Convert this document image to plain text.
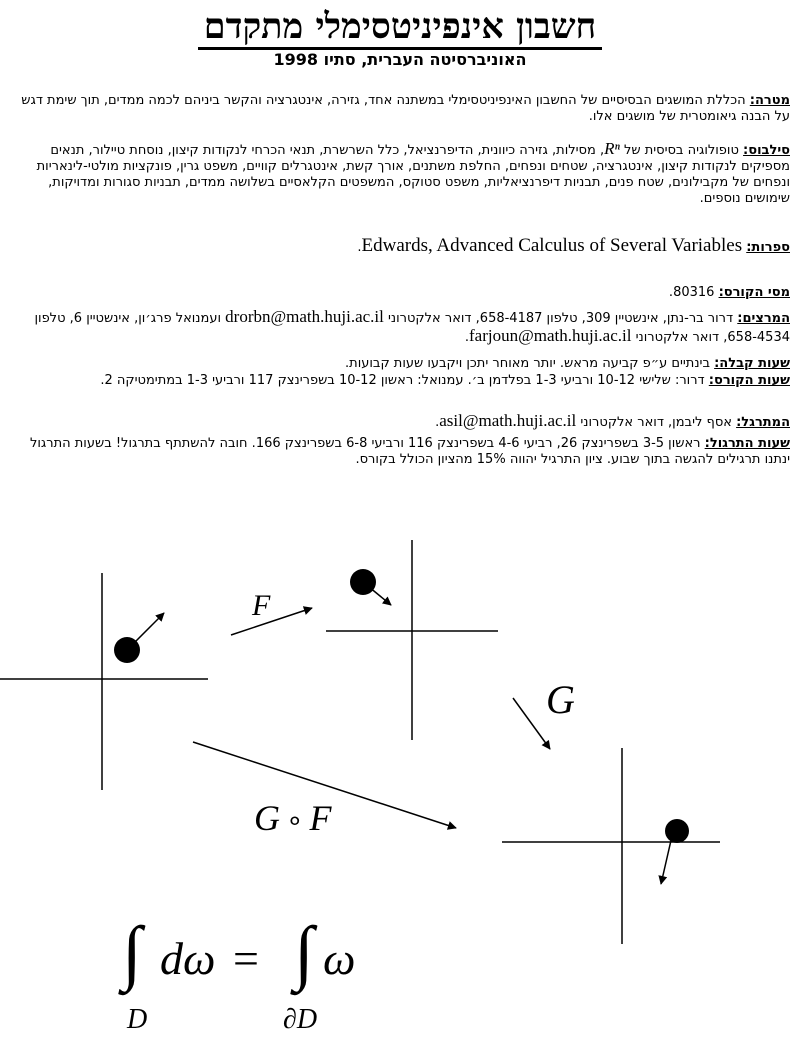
חשבון אינפיניטסימלי מתקדם
האוניברסיטה העברית, סתיו 1998

מטרה: הכללת המושגים הבסיסיים של החשבון האינפיניטסימלי במשתנה אחד, גזירה, אינטגרציה והקשר ביניהם לכמה ממדים, תוך שימת דגש על הבנה גיאומטרית של מושגים אלו.

סילבוס: טופולוגיה בסיסית של Rⁿ, מסילות, גזירה כיוונית, הדיפרנציאל, כלל השרשרת, תנאי הכרחי לנקודות קיצון, נוסחת טיילור, תנאים מספיקים לנקודות קיצון, אינטגרציה, שטחים ונפחים, החלפת משתנים, אורך קשת, אינטגרלים קוויים, משפט גרין, פונקציות מולטי-לינאריות ונפחים של מקבילונים, שטח פנים, תבניות דיפרנציאליות, משפט סטוקס, המשפטים הקלאסיים בשלושה ממדים, תבניות סגורות ומדויקות, שימושים נוספים.

ספרות: Edwards, Advanced Calculus of Several Variables.

מסי הקורס: 80316.

המרצים: דרור בר-נתן, אינשטיין 309, טלפון 658-4187, דואר אלקטרוני drorbn@math.huji.ac.il ועמנואל פרג׳ון, אינשטיין 6, טלפון 658-4534, דואר אלקטרוני farjoun@math.huji.ac.il.

שעות קבלה: בינתיים ע״פ קביעה מראש. יותר מאוחר יתכן ויקבעו שעות קבועות.

שעות הקורס: דרור: שלישי 10-12 ורביעי 1-3 בפלדמן ב׳. עמנואל: ראשון 10-12 בשפרינצק 117 ורביעי 1-3 במתימטיקה 2.

המתרגל: אסף ליבמן, דואר אלקטרוני asil@math.huji.ac.il.

שעות התרגול: ראשון 3-5 בשפרינצק 26, רביעי 4-6 בשפרינצק 116 ורביעי 6-8 בשפרינצק 166. חובה להשתתף בתרגול! בשעות התרגול ינתנו תרגילים להגשה בתוך שבוע. ציון התרגיל יהווה 15% מהציון הכולל בקורס.

F
G
G ∘ F
∫ dω = ∫ ω
D	∂D
